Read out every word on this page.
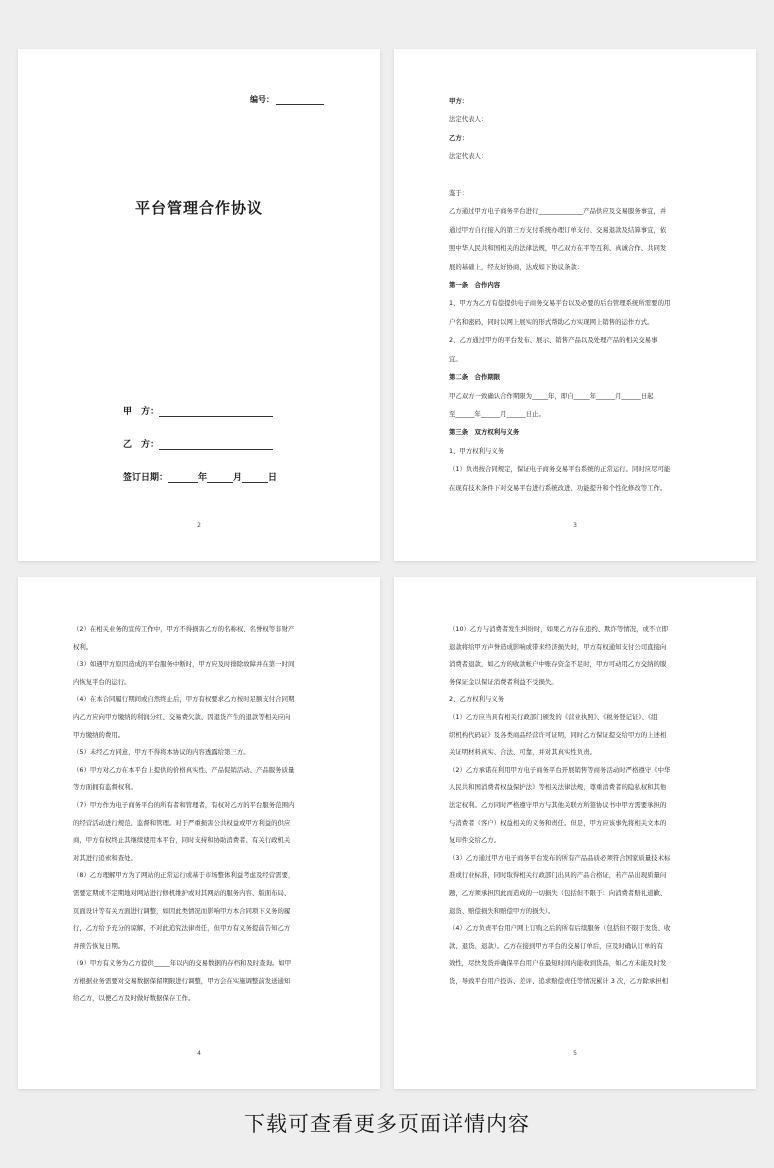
编号：
平台管理合作协议
甲　方：
乙　方：
签订日期：	年	月	日
2

甲方：

法定代表人：

乙方：

法定代表人：

鉴于：

乙方通过甲方电子商务平台进行______________产品供应及交易服务事宜，并

通过甲方自行接入的第三方支付系统办理订单支付、交易退款及结算事宜，依

照中华人民共和国相关的法律法规，甲乙双方在平等互利、真诚合作、共同发

展的基础上，经友好协商，达成如下协议条款：

第一条　合作内容

1、甲方为乙方有偿提供电子商务交易平台以及必要的后台管理系统所需要的用

户名和密码，同时以网上展实的形式帮助乙方实现网上销售的运作方式。

2、乙方通过甲方的平台发布、展示、销售产品以及处理产品的相关交易事

宜。

第二条　合作期限

甲乙双方一致确认合作期限为_____年，即自_____年______月______日起

至______年______月______日止。

第三条　双方权利与义务

1、甲方权利与义务

（1）负责按合同规定，保证电子商务交易平台系统的正常运行。同时应尽可能

在现有技术条件下对交易平台进行系统改进、功能提升和个性化修改等工作。

3

（2）在相关业务的宣传工作中，甲方不得损害乙方的名称权、名誉权等非财产

权利。

（3）如遇甲方原因造成的平台服务中断时，甲方应及时排除故障并在第一时间

内恢复平台的运行。

（4）在本合同履行期间或自然终止后，甲方有权要求乙方按时足额支付合同期

内乙方应向甲方缴纳的利润分红、交易费欠款、因退货产生的退款等相关应向

甲方缴纳的费用。

（5）未经乙方同意，甲方不得将本协议的内容透露给第三方。

（6）甲方对乙方在本平台上提供的价格真实性、产品促销活动、产品服务质量

等方面拥有监督权利。

（7）甲方作为电子商务平台的所有者和管理者，有权对乙方的平台服务范围内

的经营活动进行规范、监督和管理。对于严重损害公共权益或甲方利益的供应

商，甲方有权终止其继续使用本平台，同时支持和协助消费者、有关行政机关

对其进行追索和查处。

（8）乙方理解甲方为了网站的正常运行或基于市场整体利益考虑及经营需要，

需要定期或不定期地对网站进行修机维护或对其网站的服务内容、版面布局、

页面设计等有关方面进行调整，如因此类情况而影响甲方本合同项下义务的履

行，乙方给予充分的谅解，不对此追究法律责任，但甲方有义务提前告知乙方

并预告恢复日期。

（9）甲方有义务为乙方提供_____年以内的交易数据的存档和及时查询。如甲

方根据业务需要对交易数据保留期限进行调整，甲方会在实施调整前发送通知

给乙方，以便乙方及时做好数据保存工作。

4

（10）乙方与消费者发生纠纷时，如果乙方存在违约、欺诈等情况，或不立即

退款将给甲方声誉造成影响或带来经济损失时，甲方有权通知支付公司直接向

消费者退款，如乙方的收款帐户中账存资金不足时，甲方可动用乙方交纳的服

务保证金以保证消费者利益不受损失。

2、乙方权利与义务

（1）乙方应当具有相关行政部门颁发的《营业执照》、《税务登记证》、《组

织机构代码证》及各类商品经营许可证明，同时乙方保证提交给甲方的上述相

关证明材料真实、合法、可靠，并对其真实性负责。

（2）乙方承诺在利用甲方电子商务平台开展销售等商务活动时严格遵守《中华

人民共和国消费者权益保护法》等相关法律法规，尊重消费者的隐私权和其他

法定权利。乙方同时严格遵守甲方与其他关联方所签协议书中甲方需要承担的

与消费者（客户）权益相关的义务和责任。但是，甲方应该事先将相关文本的

复印件交给乙方。

（3）乙方通过甲方电子商务平台发布的所有产品品质必须符合国家质量技术标

准或行业标准，同时取得相关行政部门出具的产品合格证，若产品出现质量问

题，乙方须承担因此而造成的一切损失（包括但不限于：向消费者赔礼道歉、

退货、赔偿损失和赔偿甲方的损失）。

（4）乙方负责平台用户网上订购之后的所有后续服务（包括但不限于发货、收

款、退货、退款）。乙方在接到甲方平台的交易订单后，应及时确认订单的有

效性，尽快发货并确保平台用户在最短时间内能收到货品，如乙方未能及时发

货，导致平台用户投诉、差评、追求赔偿责任等情况累计 3 次，乙方除承担相

5
下载可查看更多页面详情内容
